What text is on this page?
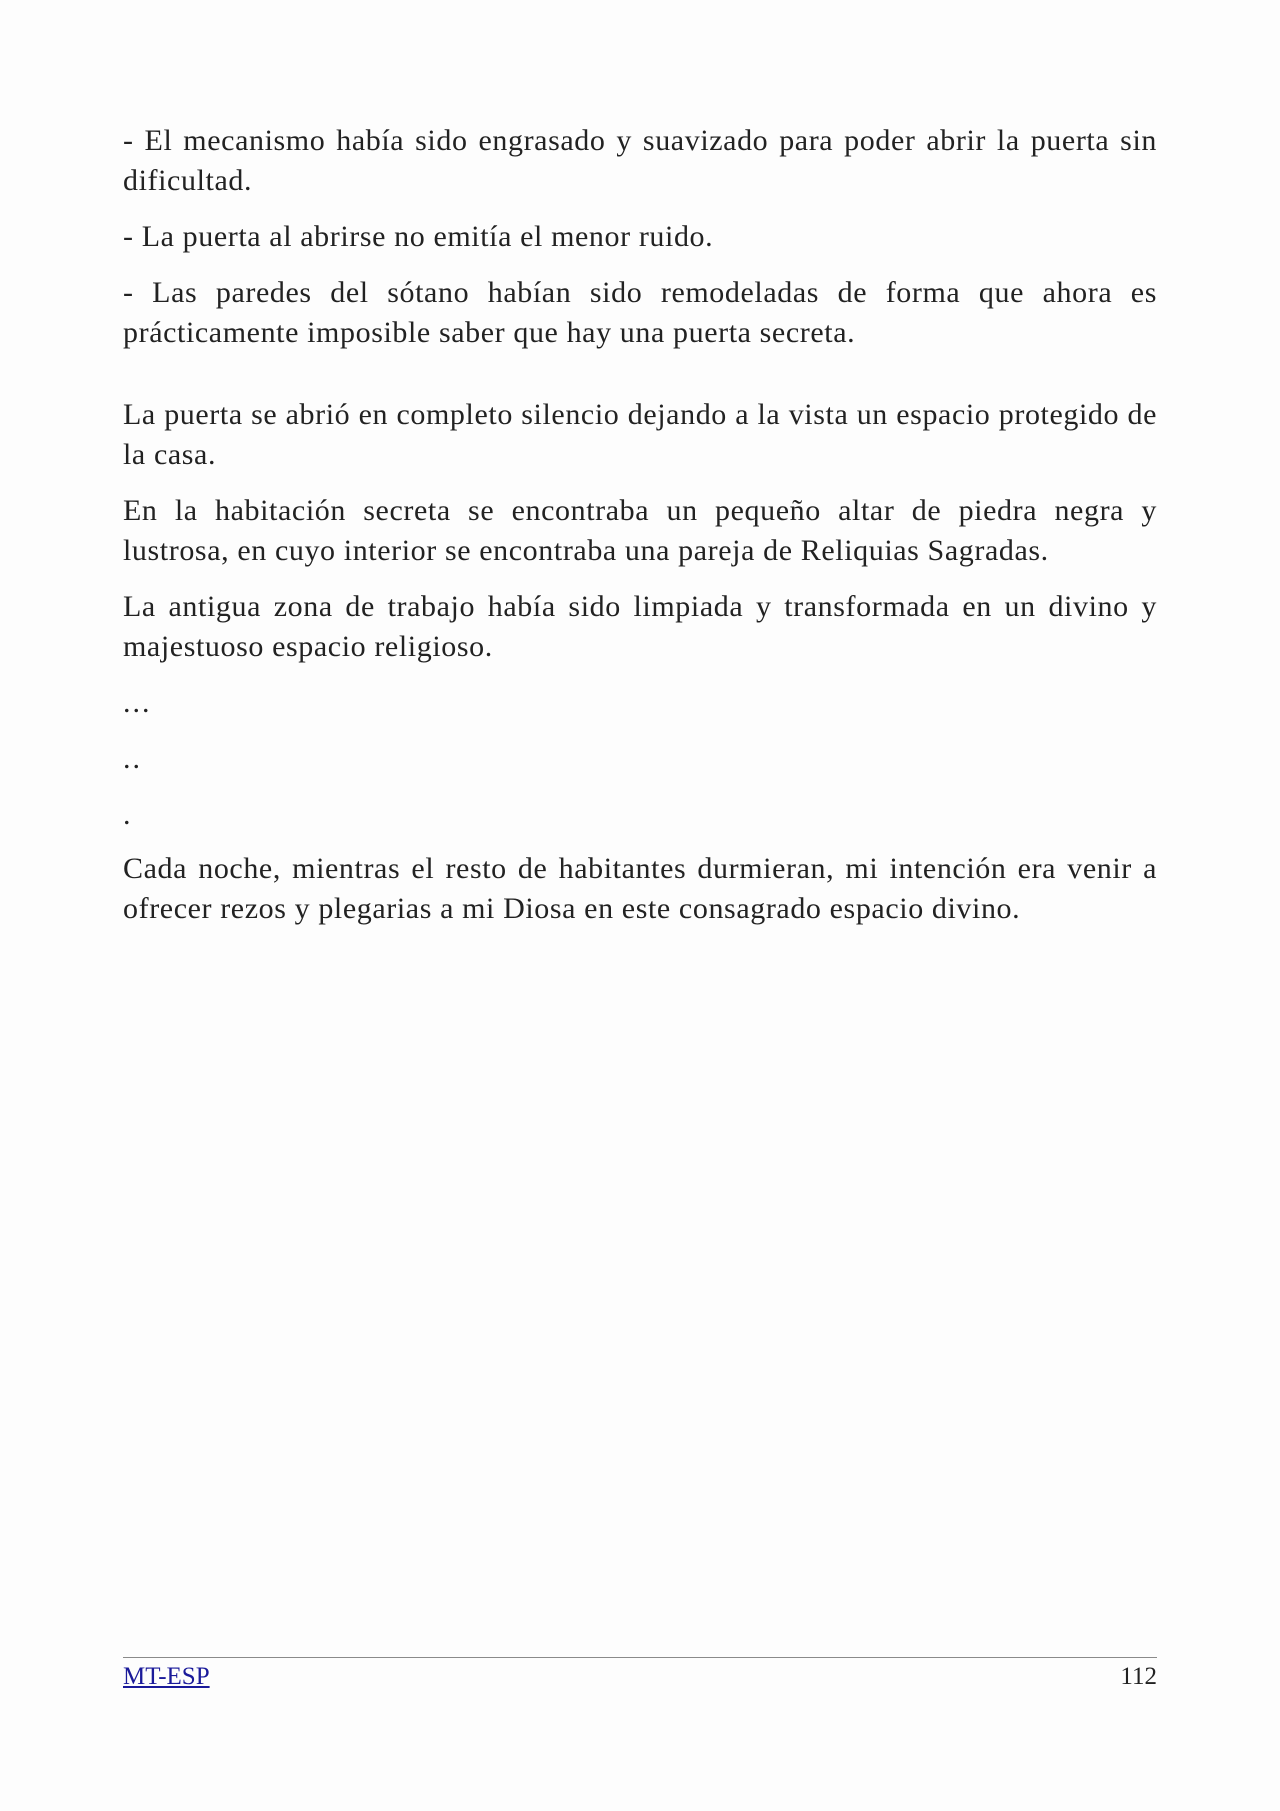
- El mecanismo había sido engrasado y suavizado para poder abrir la puerta sin dificultad.

- La puerta al abrirse no emitía el menor ruido.

- Las paredes del sótano habían sido remodeladas de forma que ahora es prácticamente imposible saber que hay una puerta secreta.

La puerta se abrió en completo silencio dejando a la vista un espacio protegido de la casa.

En la habitación secreta se encontraba un pequeño altar de piedra negra y lustrosa, en cuyo interior se encontraba una pareja de Reliquias Sagradas.

La antigua zona de trabajo había sido limpiada y transformada en un divino y majestuoso espacio religioso.

...

..

.

Cada noche, mientras el resto de habitantes durmieran, mi intención era venir a ofrecer rezos y plegarias a mi Diosa en este consagrado espacio divino.

MT-ESP	112
